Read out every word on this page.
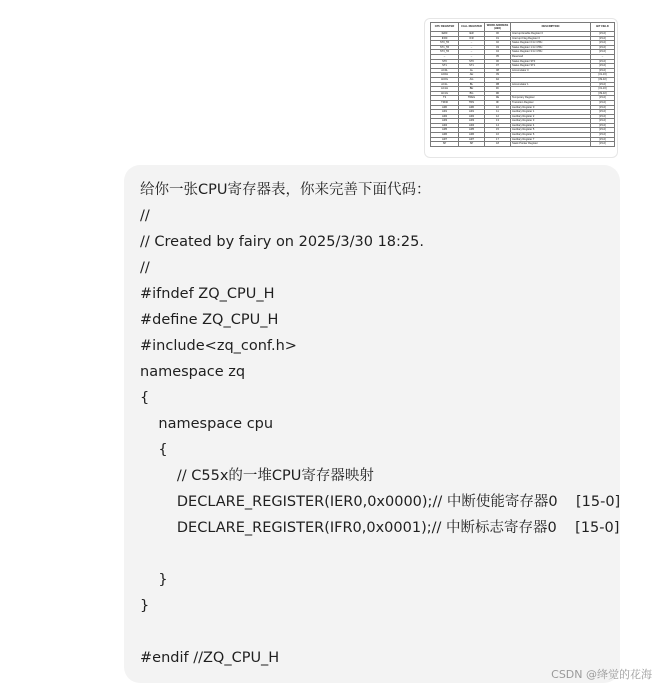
CPU REGISTER	CALL REGISTER	WORD ADDRESS (HEX)	DESCRIPTION	BIT FIELD
IER0	IER	00	Interrupt Enable Register 0	[15-0]
IFR0	IFR	01	Interrupt Flag Register 0	[15-0]
ST0_55	–	02	Status Register 0 for C55x	[15-0]
ST1_55	–	03	Status Register 1 for C55x	[15-0]
ST3_55	–	04	Status Register 3 for C55x	[15-0]
–	–	05	Reserved	–
ST0	ST0	06	Status Register ST0	[15-0]
ST1	ST1	07	Status Register ST1	[15-0]
AC0L	AL	08	Accumulator 0	[15-0]
AC0H	AH	09		[31-16]
AC0G	AG	0A		[39-32]
AC1L	BL	0B	Accumulator 1	[15-0]
AC1H	BH	0C		[31-16]
AC1G	BG	0D		[39-32]
T3	TREG	0E	Temporary Register	[15-0]
TRN0	TRN	0F	Transition Register	[15-0]
AR0	AR0	10	Auxiliary Register 0	[15-0]
AR1	AR1	11	Auxiliary Register 1	[15-0]
AR2	AR2	12	Auxiliary Register 2	[15-0]
AR3	AR3	13	Auxiliary Register 3	[15-0]
AR4	AR4	14	Auxiliary Register 4	[15-0]
AR5	AR5	15	Auxiliary Register 5	[15-0]
AR6	AR6	16	Auxiliary Register 6	[15-0]
AR7	AR7	17	Auxiliary Register 7	[15-0]
SP	SP	18	Stack Pointer Register	[15-0]
给你一张CPU寄存器表，你来完善下面代码：
//
// Created by fairy on 2025/3/30 18:25.
//
#ifndef ZQ_CPU_H
#define ZQ_CPU_H
#include<zq_conf.h>
namespace zq
{
namespace cpu
{
// C55x的一堆CPU寄存器映射
DECLARE_REGISTER(IER0,0x0000);// 中断使能寄存器0    [15-0]
DECLARE_REGISTER(IFR0,0x0001);// 中断标志寄存器0    [15-0]
}
}
#endif //ZQ_CPU_H
CSDN @绛觉的花海
